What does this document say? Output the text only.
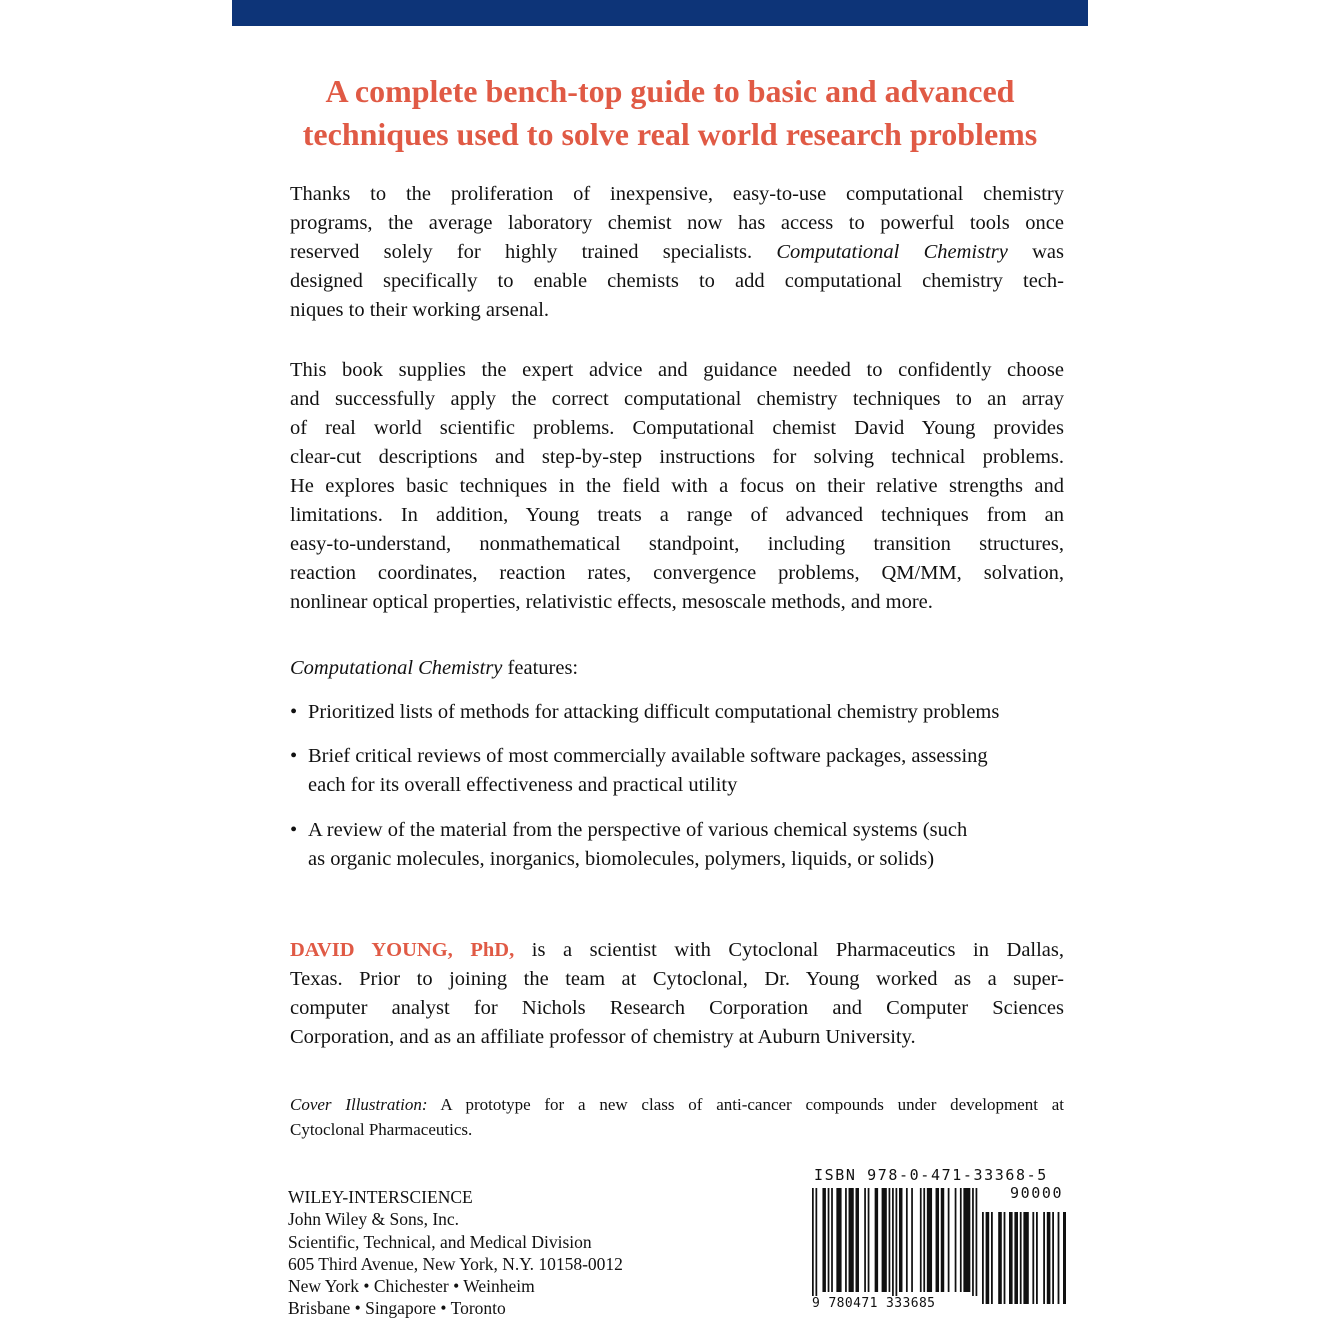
A complete bench-top guide to basic and advanced
techniques used to solve real world research problems
Thanks to the proliferation of inexpensive, easy-to-use computational chemistry
programs, the average laboratory chemist now has access to powerful tools once
reserved solely for highly trained specialists. Computational Chemistry was
designed specifically to enable chemists to add computational chemistry tech-
niques to their working arsenal.
This book supplies the expert advice and guidance needed to confidently choose
and successfully apply the correct computational chemistry techniques to an array
of real world scientific problems. Computational chemist David Young provides
clear-cut descriptions and step-by-step instructions for solving technical problems.
He explores basic techniques in the field with a focus on their relative strengths and
limitations. In addition, Young treats a range of advanced techniques from an
easy-to-understand, nonmathematical standpoint, including transition structures,
reaction coordinates, reaction rates, convergence problems, QM/MM, solvation,
nonlinear optical properties, relativistic effects, mesoscale methods, and more.
Computational Chemistry features:
• Prioritized lists of methods for attacking difficult computational chemistry problems
• Brief critical reviews of most commercially available software packages, assessing
each for its overall effectiveness and practical utility
• A review of the material from the perspective of various chemical systems (such
as organic molecules, inorganics, biomolecules, polymers, liquids, or solids)
DAVID YOUNG, PhD, is a scientist with Cytoclonal Pharmaceutics in Dallas,
Texas. Prior to joining the team at Cytoclonal, Dr. Young worked as a super-
computer analyst for Nichols Research Corporation and Computer Sciences
Corporation, and as an affiliate professor of chemistry at Auburn University.
Cover Illustration: A prototype for a new class of anti-cancer compounds under development at
Cytoclonal Pharmaceutics.
WILEY-INTERSCIENCE
John Wiley & Sons, Inc.
Scientific, Technical, and Medical Division
605 Third Avenue, New York, N.Y. 10158-0012
New York • Chichester • Weinheim
Brisbane • Singapore • Toronto
ISBN 978-0-471-33368-5
9 780471 333685
90000
